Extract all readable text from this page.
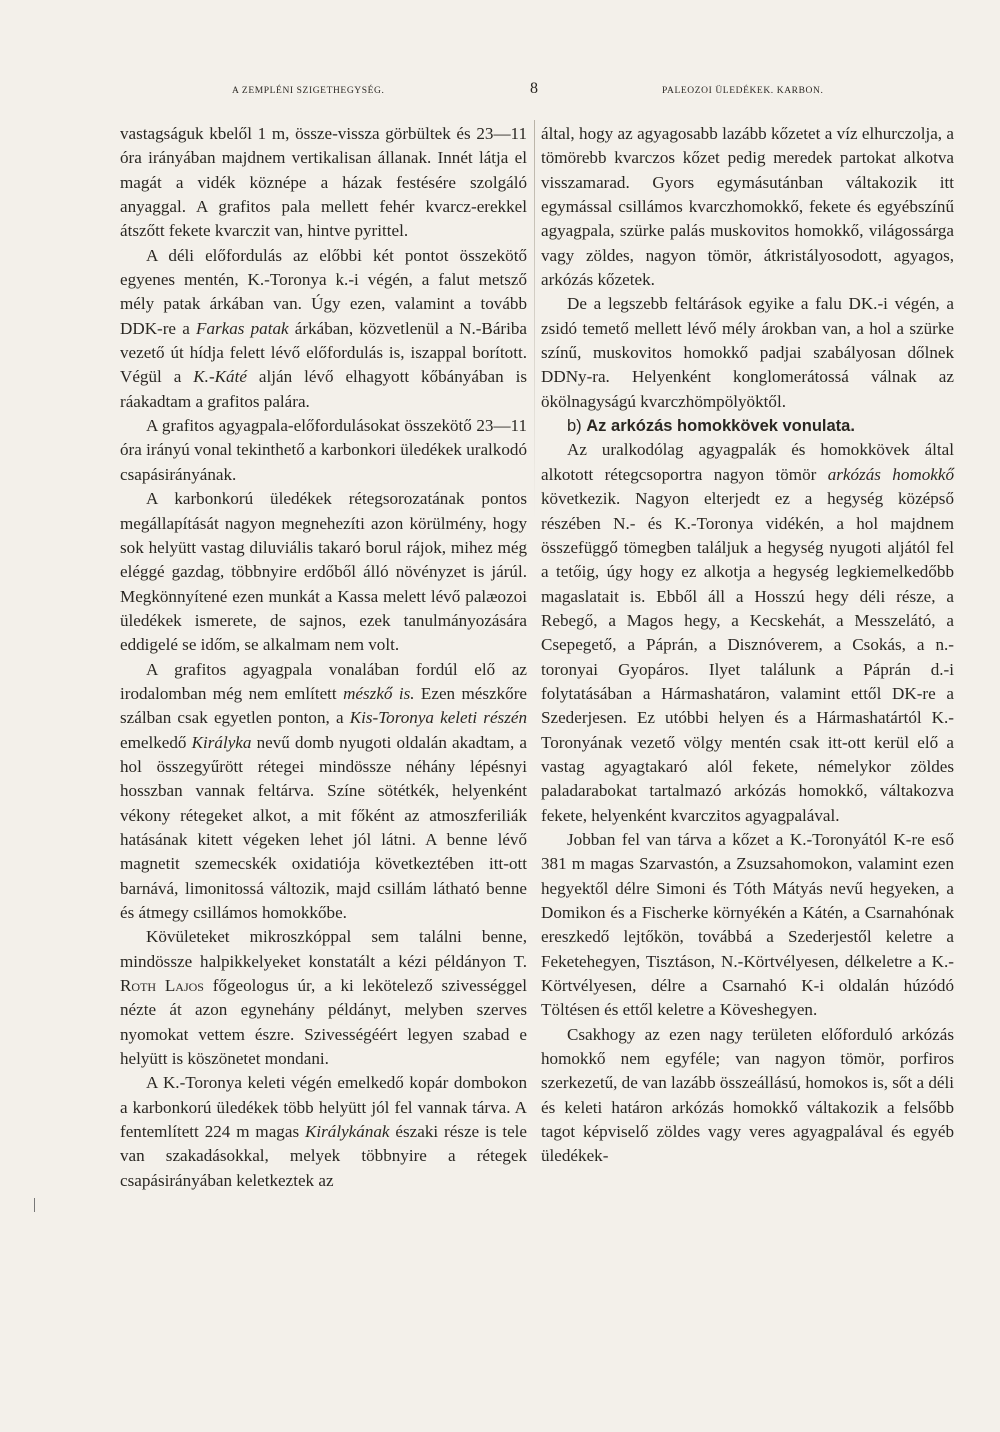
A ZEMPLÉNI SZIGETHEGYSÉG.	8	PALEOZOI ÜLEDÉKEK. KARBON.

vastagságuk kbelől 1 m, össze-vissza görbültek és 23—11 óra irányában majdnem vertikalisan állanak. Innét látja el magát a vidék köznépe a házak festésére szolgáló anyaggal. A grafitos pala mellett fehér kvarcz-erekkel átszőtt fekete kvarczit van, hintve pyrittel.

A déli előfordulás az előbbi két pontot összekötő egyenes mentén, K.-Toronya k.-i végén, a falut metsző mély patak árkában van. Úgy ezen, valamint a tovább DDK-re a Farkas patak árkában, közvetlenül a N.-Báriba vezető út hídja felett lévő előfordulás is, iszappal borított. Végül a K.-Káté alján lévő elhagyott kőbányában is ráakadtam a grafitos palára.

A grafitos agyagpala-előfordulásokat összekötő 23—11 óra irányú vonal tekinthető a karbonkori üledékek uralkodó csapásirányának.

A karbonkorú üledékek rétegsorozatának pontos megállapítását nagyon megnehezíti azon körülmény, hogy sok helyütt vastag diluviális takaró borul rájok, mihez még eléggé gazdag, többnyire erdőből álló növényzet is járúl. Megkönnyítené ezen munkát a Kassa melett lévő palæozoi üledékek ismerete, de sajnos, ezek tanulmányozására eddigelé se időm, se alkalmam nem volt.

A grafitos agyagpala vonalában fordúl elő az irodalomban még nem említett mészkő is. Ezen mészkőre szálban csak egyetlen ponton, a Kis-Toronya keleti részén emelkedő Királyka nevű domb nyugoti oldalán akadtam, a hol összegyűrött rétegei mindössze néhány lépésnyi hosszban vannak feltárva. Színe sötétkék, helyenként vékony rétegeket alkot, a mit főként az atmoszferiliák hatásának kitett végeken lehet jól látni. A benne lévő magnetit szemecskék oxidatiója következtében itt-ott barnává, limonitossá változik, majd csillám látható benne és átmegy csillámos homokkőbe.

Kövületeket mikroszkóppal sem találni benne, mindössze halpikkelyeket konstatált a kézi példányon T. Roth Lajos főgeologus úr, a ki lekötelező szivességgel nézte át azon egynehány példányt, melyben szerves nyomokat vettem észre. Szivességéért legyen szabad e helyütt is köszönetet mondani.

A K.-Toronya keleti végén emelkedő kopár dombokon a karbonkorú üledékek több helyütt jól fel vannak tárva. A fentemlített 224 m magas Királykának északi része is tele van szakadásokkal, melyek többnyire a rétegek csapásirányában keletkeztek az

által, hogy az agyagosabb lazább kőzetet a víz elhurczolja, a tömörebb kvarczos kőzet pedig meredek partokat alkotva visszamarad. Gyors egymásutánban váltakozik itt egymással csillámos kvarczhomokkő, fekete és egyébszínű agyagpala, szürke palás muskovitos homokkő, világossárga vagy zöldes, nagyon tömör, átkristályosodott, agyagos, arkózás kőzetek.

De a legszebb feltárások egyike a falu DK.-i végén, a zsidó temető mellett lévő mély árokban van, a hol a szürke színű, muskovitos homokkő padjai szabályosan dőlnek DDNy-ra. Helyenként konglomerátossá válnak az ökölnagyságú kvarczhömpölyöktől.

b) Az arkózás homokkövek vonulata.

Az uralkodólag agyagpalák és homokkövek által alkotott rétegcsoportra nagyon tömör arkózás homokkő következik. Nagyon elterjedt ez a hegység középső részében N.- és K.-Toronya vidékén, a hol majdnem összefüggő tömegben találjuk a hegység nyugoti aljától fel a tetőig, úgy hogy ez alkotja a hegység legkiemelkedőbb magaslatait is. Ebből áll a Hosszú hegy déli része, a Rebegő, a Magos hegy, a Kecskehát, a Messzelátó, a Csepegető, a Páprán, a Disznóverem, a Csokás, a n.-toronyai Gyopáros. Ilyet találunk a Páprán d.-i folytatásában a Hármashatáron, valamint ettől DK-re a Szederjesen. Ez utóbbi helyen és a Hármashatártól K.-Toronyának vezető völgy mentén csak itt-ott kerül elő a vastag agyagtakaró alól fekete, némelykor zöldes paladarabokat tartalmazó arkózás homokkő, váltakozva fekete, helyenként kvarczitos agyagpalával.

Jobban fel van tárva a kőzet a K.-Toronyától K-re eső 381 m magas Szarvastón, a Zsuzsahomokon, valamint ezen hegyektől délre Simoni és Tóth Mátyás nevű hegyeken, a Domikon és a Fischerke környékén a Kátén, a Csarnahónak ereszkedő lejtőkön, továbbá a Szederjestől keletre a Feketehegyen, Tisztáson, N.-Körtvélyesen, délkeletre a K.-Körtvélyesen, délre a Csarnahó K-i oldalán húzódó Töltésen és ettől keletre a Köveshegyen.

Csakhogy az ezen nagy területen előforduló arkózás homokkő nem egyféle; van nagyon tömör, porfiros szerkezetű, de van lazább összeállású, homokos is, sőt a déli és keleti határon arkózás homokkő váltakozik a felsőbb tagot képviselő zöldes vagy veres agyagpalával és egyéb üledékek-
